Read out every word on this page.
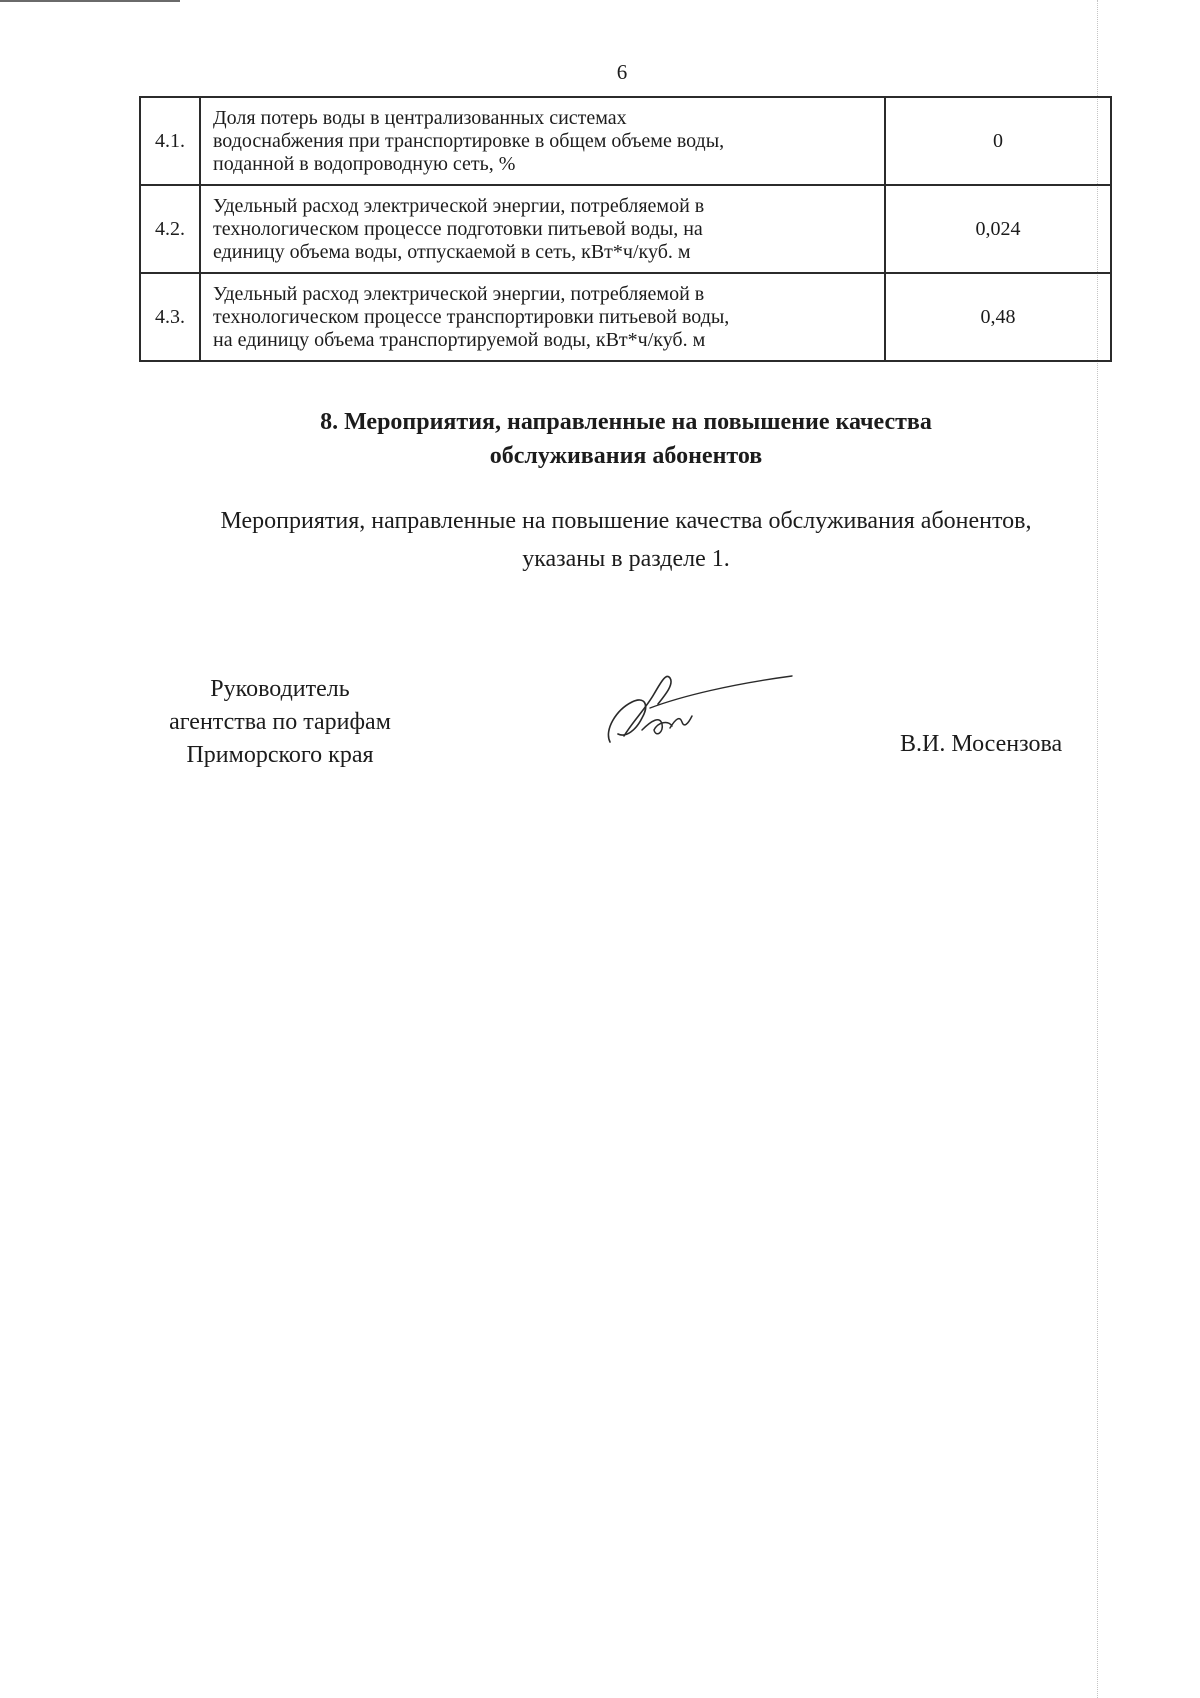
6
4.1.	Доля потерь воды в централизованных системах
водоснабжения при транспортировке в общем объеме воды,
поданной в водопроводную сеть, %	0
4.2.	Удельный расход электрической энергии, потребляемой в
технологическом процессе подготовки питьевой воды, на
единицу объема воды, отпускаемой в сеть, кВт*ч/куб. м	0,024
4.3.	Удельный расход электрической энергии, потребляемой в
технологическом процессе транспортировки питьевой воды,
на единицу объема транспортируемой воды, кВт*ч/куб. м	0,48
8. Мероприятия, направленные на повышение качества
обслуживания абонентов
Мероприятия, направленные на повышение качества обслуживания абонентов,
указаны в разделе 1.
Руководитель
агентства по тарифам
Приморского края	В.И. Мосензова
